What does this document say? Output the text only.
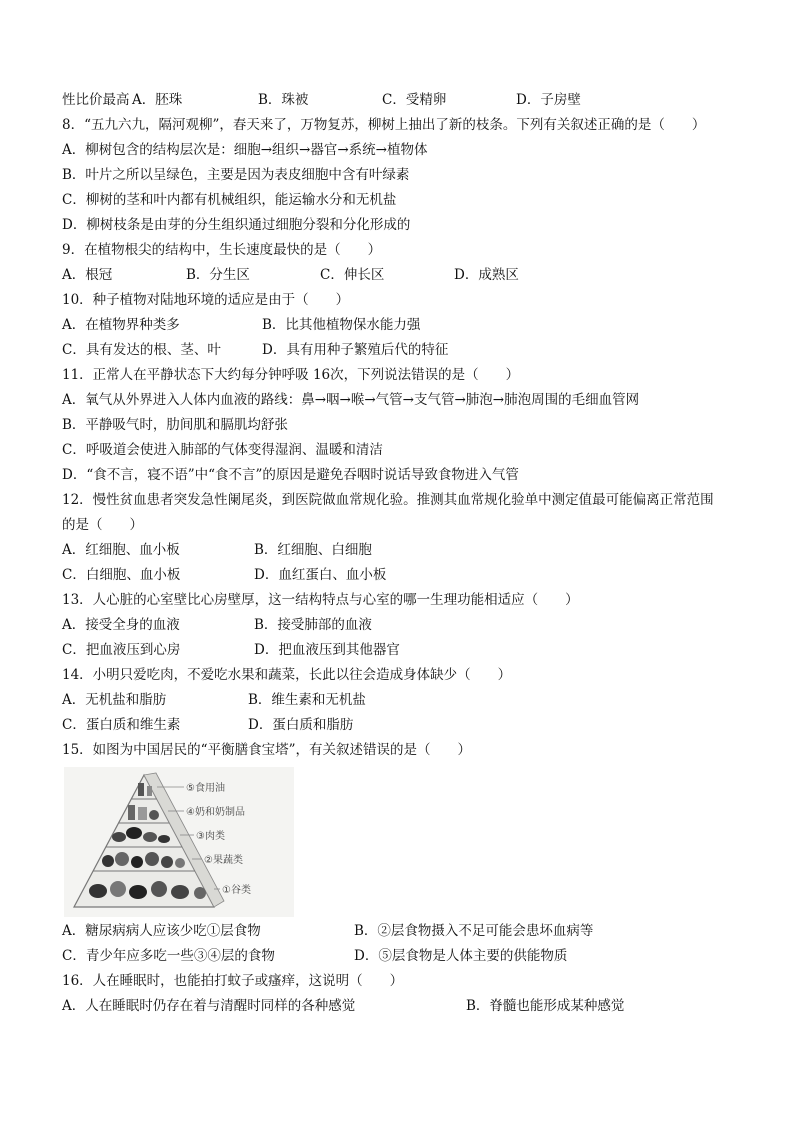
性比价最高 A．胚珠	B．珠被	C．受精卵	D．子房壁
8．“五九六九，隔河观柳”，春天来了，万物复苏，柳树上抽出了新的枝条。下列有关叙述正确的是（　　）
A．柳树包含的结构层次是：细胞→组织→器官→系统→植物体
B．叶片之所以呈绿色，主要是因为表皮细胞中含有叶绿素
C．柳树的茎和叶内都有机械组织，能运输水分和无机盐
D．柳树枝条是由芽的分生组织通过细胞分裂和分化形成的
9．在植物根尖的结构中，生长速度最快的是（　　）
A．根冠	B．分生区	C．伸长区	D．成熟区
10．种子植物对陆地环境的适应是由于（　　）
A．在植物界种类多	B．比其他植物保水能力强
C．具有发达的根、茎、叶	D．具有用种子繁殖后代的特征
11．正常人在平静状态下大约每分钟呼吸 16次，下列说法错误的是（　　）
A．氧气从外界进入人体内血液的路线：鼻→咽→喉→气管→支气管→肺泡→肺泡周围的毛细血管网
B．平静吸气时，肋间肌和膈肌均舒张
C．呼吸道会使进入肺部的气体变得湿润、温暖和清洁
D．“食不言，寝不语”中“食不言”的原因是避免吞咽时说话导致食物进入气管
12．慢性贫血患者突发急性阑尾炎，到医院做血常规化验。推测其血常规化验单中测定值最可能偏离正常范围
的是（　　）
A．红细胞、血小板	B．红细胞、白细胞
C．白细胞、血小板	D．血红蛋白、血小板
13．人心脏的心室壁比心房壁厚，这一结构特点与心室的哪一生理功能相适应（　　）
A．接受全身的血液	B．接受肺部的血液
C．把血液压到心房	D．把血液压到其他器官
14．小明只爱吃肉，不爱吃水果和蔬菜，长此以往会造成身体缺少（　　）
A．无机盐和脂肪	B．维生素和无机盐
C．蛋白质和维生素	D．蛋白质和脂肪
15．如图为中国居民的“平衡膳食宝塔”，有关叙述错误的是（　　）
⑤食用油
④奶和奶制品
③肉类
②果蔬类
①谷类
A．糖尿病病人应该少吃①层食物	B．②层食物摄入不足可能会患坏血病等
C．青少年应多吃一些③④层的食物	D．⑤层食物是人体主要的供能物质
16．人在睡眠时，也能拍打蚊子或瘙痒，这说明（　　）
A．人在睡眠时仍存在着与清醒时同样的各种感觉	B．脊髓也能形成某种感觉
